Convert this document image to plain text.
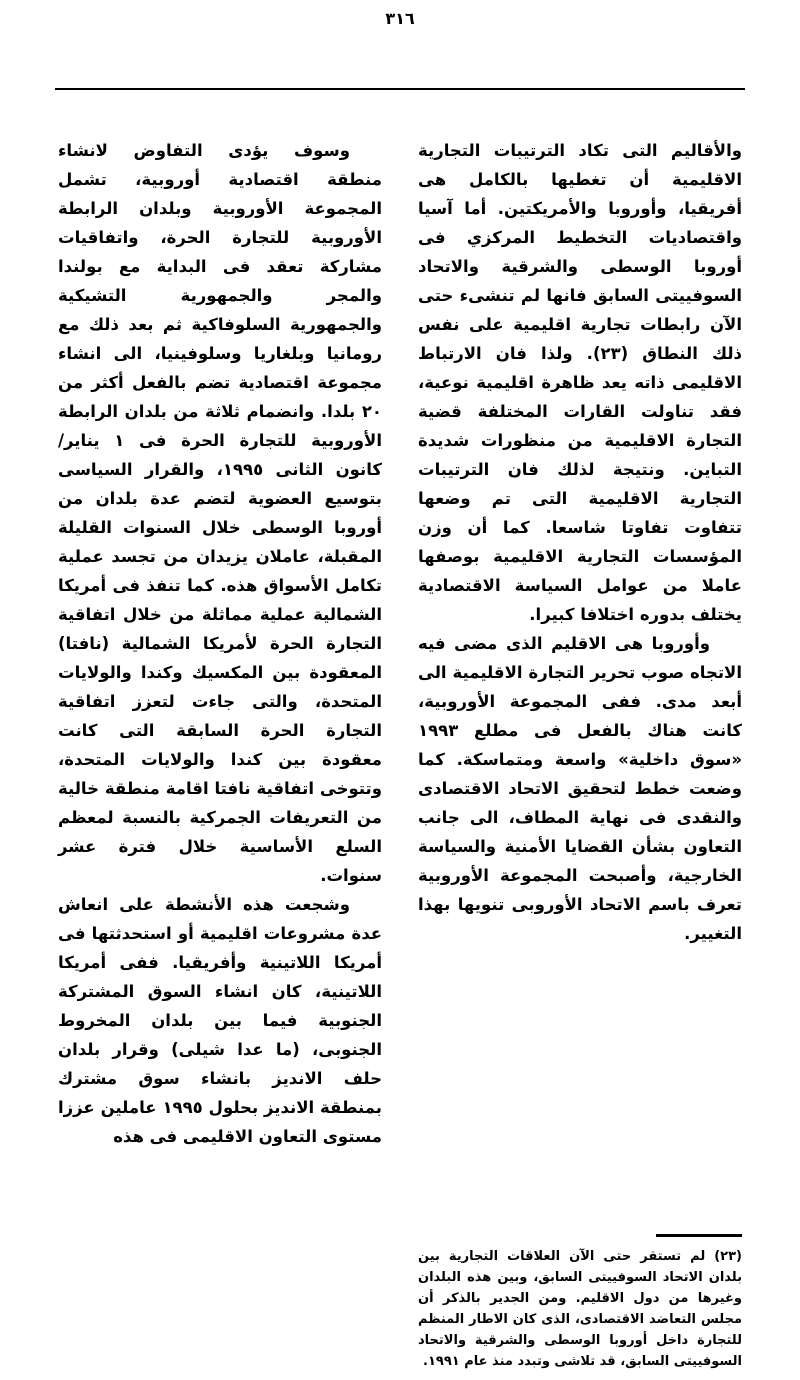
٣١٦

والأقاليم التى تكاد الترتيبات التجارية الاقليمية أن تغطيها بالكامل هى أفريقيا، وأوروبا والأمريكتين. أما آسيا واقتصاديات التخطيط المركزي فى أوروبا الوسطى والشرقية والاتحاد السوفييتى السابق فانها لم تنشىء حتى الآن رابطات تجارية اقليمية على نفس ذلك النطاق (٢٣). ولذا فان الارتباط الاقليمى ذاته يعد ظاهرة اقليمية نوعية، فقد تناولت القارات المختلفة قضية التجارة الاقليمية من منظورات شديدة التباين. ونتيجة لذلك فان الترتيبات التجارية الاقليمية التى تم وضعها تتفاوت تفاوتا شاسعا. كما أن وزن المؤسسات التجارية الاقليمية بوصفها عاملا من عوامل السياسة الاقتصادية يختلف بدوره اختلافا كبيرا.

وأوروبا هى الاقليم الذى مضى فيه الاتجاه صوب تحرير التجارة الاقليمية الى أبعد مدى. ففى المجموعة الأوروبية، كانت هناك بالفعل فى مطلع ١٩٩٣ «سوق داخلية» واسعة ومتماسكة. كما وضعت خطط لتحقيق الاتحاد الاقتصادى والنقدى فى نهاية المطاف، الى جانب التعاون بشأن القضايا الأمنية والسياسة الخارجية، وأصبحت المجموعة الأوروبية تعرف باسم الاتحاد الأوروبى تنويها بهذا التغيير.

(٢٣) لم تستقر حتى الآن العلاقات التجارية بين بلدان الاتحاد السوفييتى السابق، وبين هذه البلدان وغيرها من دول الاقليم. ومن الجدير بالذكر أن مجلس التعاضد الاقتصادى، الذى كان الاطار المنظم للتجارة داخل أوروبا الوسطى والشرقية والاتحاد السوفييتى السابق، قد تلاشى وتبدد منذ عام ١٩٩١.

وسوف يؤدى التفاوض لانشاء منطقة اقتصادية أوروبية، تشمل المجموعة الأوروبية وبلدان الرابطة الأوروبية للتجارة الحرة، واتفاقيات مشاركة تعقد فى البداية مع بولندا والمجر والجمهورية التشيكية والجمهورية السلوفاكية ثم بعد ذلك مع رومانيا وبلغاريا وسلوفينيا، الى انشاء مجموعة اقتصادية تضم بالفعل أكثر من ٢٠ بلدا. وانضمام ثلاثة من بلدان الرابطة الأوروبية للتجارة الحرة فى ١ يناير/كانون الثانى ١٩٩٥، والقرار السياسى بتوسيع العضوية لتضم عدة بلدان من أوروبا الوسطى خلال السنوات القليلة المقبلة، عاملان يزيدان من تجسد عملية تكامل الأسواق هذه. كما تنفذ فى أمريكا الشمالية عملية مماثلة من خلال اتفاقية التجارة الحرة لأمريكا الشمالية (نافتا) المعقودة بين المكسيك وكندا والولايات المتحدة، والتى جاءت لتعزز اتفاقية التجارة الحرة السابقة التى كانت معقودة بين كندا والولايات المتحدة، وتتوخى اتفاقية نافتا اقامة منطقة خالية من التعريفات الجمركية بالنسبة لمعظم السلع الأساسية خلال فترة عشر سنوات.

وشجعت هذه الأنشطة على انعاش عدة مشروعات اقليمية أو استحدثتها فى أمريكا اللاتينية وأفريقيا. ففى أمريكا اللاتينية، كان انشاء السوق المشتركة الجنوبية فيما بين بلدان المخروط الجنوبى، (ما عدا شيلى) وقرار بلدان حلف الانديز بانشاء سوق مشترك بمنطقة الانديز بحلول ١٩٩٥ عاملين عززا مستوى التعاون الاقليمى فى هذه
